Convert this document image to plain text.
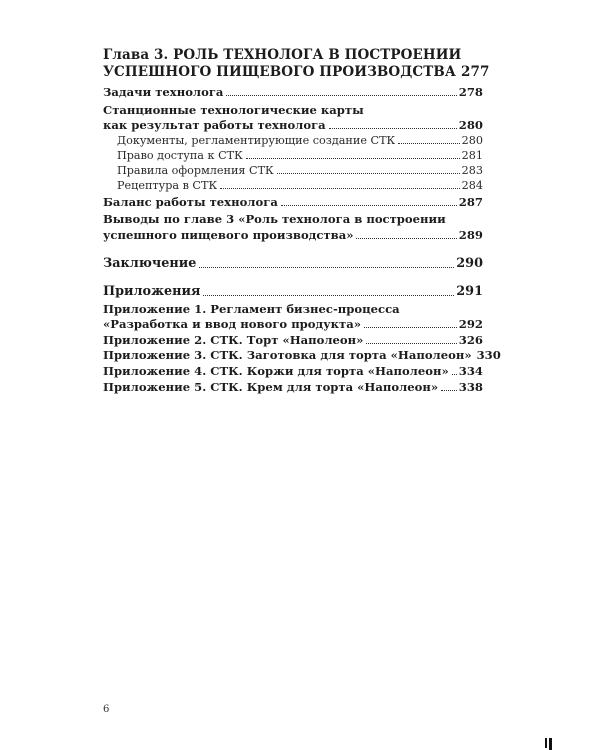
Глава 3. РОЛЬ ТЕХНОЛОГА В ПОСТРОЕНИИ
УСПЕШНОГО ПИЩЕВОГО ПРОИЗВОДСТВА 277
Задачи технолога	278
Станционные технологические карты
как результат работы технолога	280
Документы, регламентирующие создание СТК	280
Право доступа к СТК	281
Правила оформления СТК	283
Рецептура в СТК	284
Баланс работы технолога	287
Выводы по главе 3 «Роль технолога в построении
успешного пищевого производства»	289
Заключение	290
Приложения	291
Приложение 1. Регламент бизнес-процесса
«Разработка и ввод нового продукта»	292
Приложение 2. СТК. Торт «Наполеон»	326
Приложение 3. СТК. Заготовка для торта «Наполеон» 330
Приложение 4. СТК. Коржи для торта «Наполеон» 334
Приложение 5. СТК. Крем для торта «Наполеон» 338
6
